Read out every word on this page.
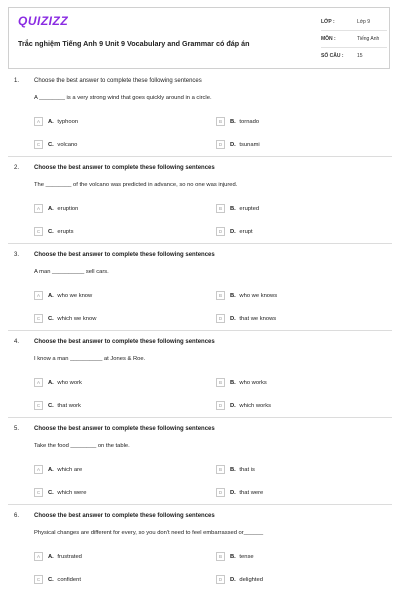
QUIZIZZ
Trắc nghiệm Tiếng Anh 9 Unit 9 Vocabulary and Grammar có đáp án
LỚP :	Lớp 9
MÔN :	Tiếng Anh
SỐ CÂU :	15
1. Choose the best answer to complete these following sentences
A ________ is a very strong wind that goes quickly around in a circle.
A	A. typhoon	B	B. tornado
C	C. volcano	D	D. tsunami
2. Choose the best answer to complete these following sentences
The ________ of the volcano was predicted in advance, so no one was injured.
A	A. eruption	B	B. erupted
C	C. erupts	D	D. erupt
3. Choose the best answer to complete these following sentences
A man __________ sell cars.
A	A. who we know	B	B. who we knows
C	C. which we know	D	D. that we knows
4. Choose the best answer to complete these following sentences
I know a man __________ at Jones & Roe.
A	A. who work	B	B. who works
C	C. that work	D	D. which works
5. Choose the best answer to complete these following sentences
Take the food ________ on the table.
A	A. which are	B	B. that is
C	C. which were	D	D. that were
6. Choose the best answer to complete these following sentences
Physical changes are different for every, so you don't need to feel embarrassed or______
A	A. frustrated	B	B. tense
C	C. confident	D	D. delighted
